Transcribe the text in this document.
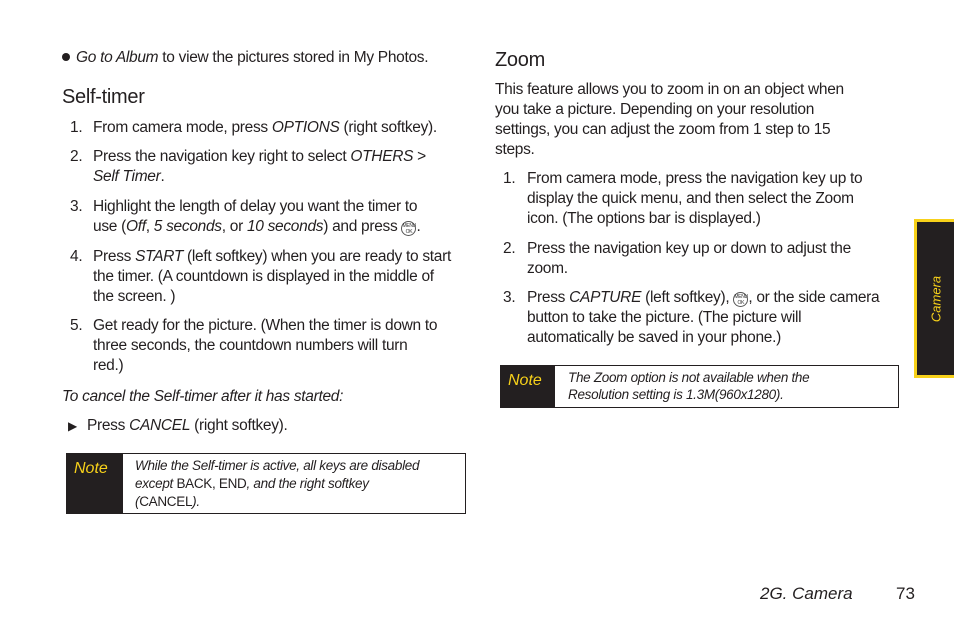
Go to Album to view the pictures stored in My Photos.
Self-timer
1. From camera mode, press OPTIONS (right softkey).
2. Press the navigation key right to select OTHERS >
Self Timer.
3. Highlight the length of delay you want the timer to
use (Off, 5 seconds, or 10 seconds) and press MENU
OK .
4. Press START (left softkey) when you are ready to start
the timer. (A countdown is displayed in the middle of
the screen. )
5. Get ready for the picture. (When the timer is down to
three seconds, the countdown numbers will turn
red.)
To cancel the Self-timer after it has started:
▶ Press CANCEL (right softkey).
Note While the Self-timer is active, all keys are disabled
except BACK, END, and the right softkey
(CANCEL).
Zoom
This feature allows you to zoom in on an object when
you take a picture. Depending on your resolution
settings, you can adjust the zoom from 1 step to 15
steps.
1. From camera mode, press the navigation key up to
display the quick menu, and then select the Zoom
icon. (The options bar is displayed.)
2. Press the navigation key up or down to adjust the
zoom.
3. Press CAPTURE (left softkey), MENU
OK , or the side camera
button to take the picture. (The picture will
automatically be saved in your phone.)
Note The Zoom option is not available when the
Resolution setting is 1.3M(960x1280).
Camera
2G. Camera	73
